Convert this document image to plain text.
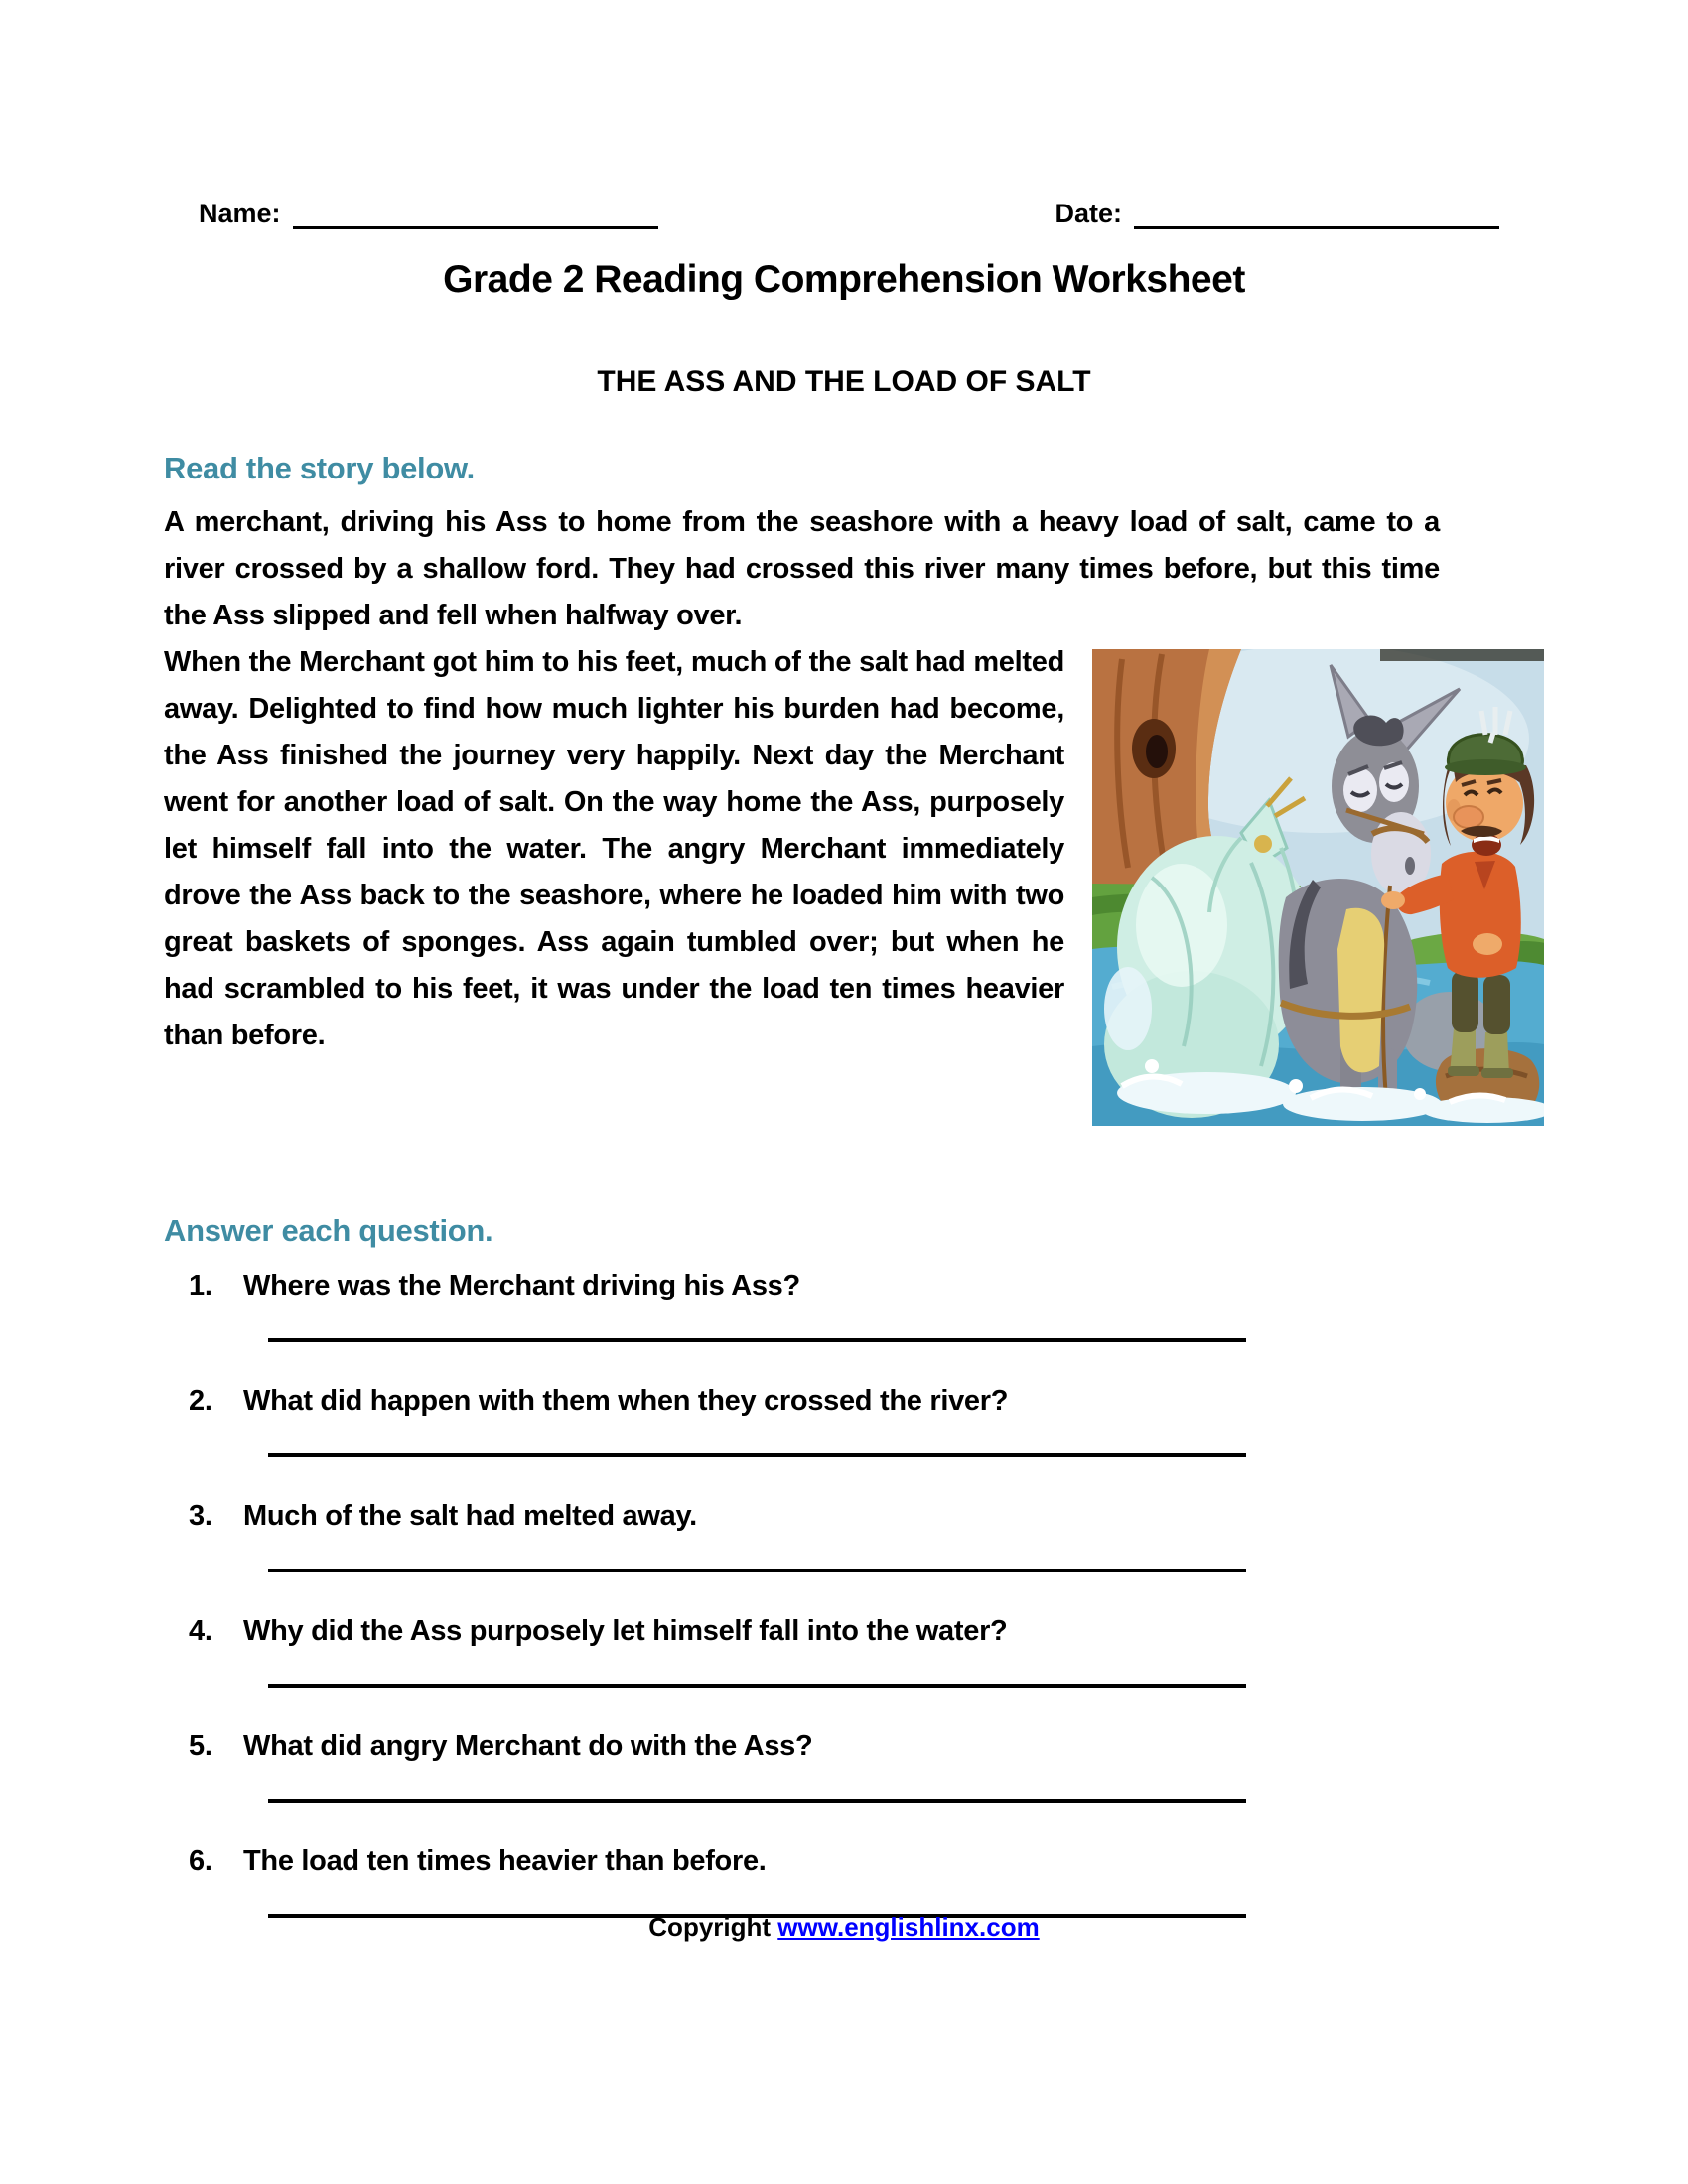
Name:	Date:
Grade 2 Reading Comprehension Worksheet
THE ASS AND THE LOAD OF SALT
Read the story below.

A merchant, driving his Ass to home from the seashore with a heavy load of salt, came to a river crossed by a shallow ford. They had crossed this river many times before, but this time the Ass slipped and fell when halfway over.

When the Merchant got him to his feet, much of the salt had melted away. Delighted to find how much lighter his burden had become, the Ass finished the journey very happily. Next day the Merchant went for another load of salt. On the way home the Ass, purposely let himself fall into the water. The angry Merchant immediately drove the Ass back to the seashore, where he loaded him with two great baskets of sponges. Ass again tumbled over; but when he had scrambled to his feet, it was under the load ten times heavier than before.

Answer each question.
1.	Where was the Merchant driving his Ass?
2.	What did happen with them when they crossed the river?
3.	Much of the salt had melted away.
4.	Why did the Ass purposely let himself fall into the water?
5.	What did angry Merchant do with the Ass?
6.	The load ten times heavier than before.
Copyright www.englishlinx.com
